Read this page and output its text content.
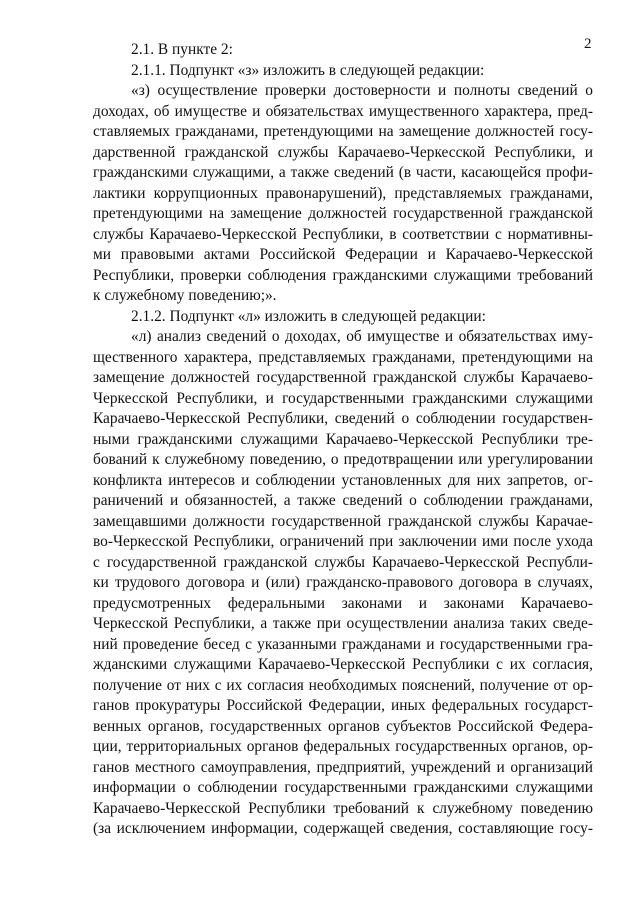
2
2.1. В пункте 2:
2.1.1. Подпункт «з» изложить в следующей редакции:
«з) осуществление проверки достоверности и полноты сведений о
доходах, об имуществе и обязательствах имущественного характера, пред-
ставляемых гражданами, претендующими на замещение должностей госу-
дарственной гражданской службы Карачаево-Черкесской Республики, и
гражданскими служащими, а также сведений (в части, касающейся профи-
лактики коррупционных правонарушений), представляемых гражданами,
претендующими на замещение должностей государственной гражданской
службы Карачаево-Черкесской Республики, в соответствии с нормативны-
ми правовыми актами Российской Федерации и Карачаево-Черкесской
Республики, проверки соблюдения гражданскими служащими требований
к служебному поведению;».
2.1.2. Подпункт «л» изложить в следующей редакции:
«л) анализ сведений о доходах, об имуществе и обязательствах иму-
щественного характера, представляемых гражданами, претендующими на
замещение должностей государственной гражданской службы Карачаево-
Черкесской Республики, и государственными гражданскими служащими
Карачаево-Черкесской Республики, сведений о соблюдении государствен-
ными гражданскими служащими Карачаево-Черкесской Республики тре-
бований к служебному поведению, о предотвращении или урегулировании
конфликта интересов и соблюдении установленных для них запретов, ог-
раничений и обязанностей, а также сведений о соблюдении гражданами,
замещавшими должности государственной гражданской службы Карачае-
во-Черкесской Республики, ограничений при заключении ими после ухода
с государственной гражданской службы Карачаево-Черкесской Республи-
ки трудового договора и (или) гражданско-правового договора в случаях,
предусмотренных федеральными законами и законами Карачаево-
Черкесской Республики, а также при осуществлении анализа таких сведе-
ний проведение бесед с указанными гражданами и государственными гра-
жданскими служащими Карачаево-Черкесской Республики с их согласия,
получение от них с их согласия необходимых пояснений, получение от ор-
ганов прокуратуры Российской Федерации, иных федеральных государст-
венных органов, государственных органов субъектов Российской Федера-
ции, территориальных органов федеральных государственных органов, ор-
ганов местного самоуправления, предприятий, учреждений и организаций
информации о соблюдении государственными гражданскими служащими
Карачаево-Черкесской Республики требований к служебному поведению
(за исключением информации, содержащей сведения, составляющие госу-
